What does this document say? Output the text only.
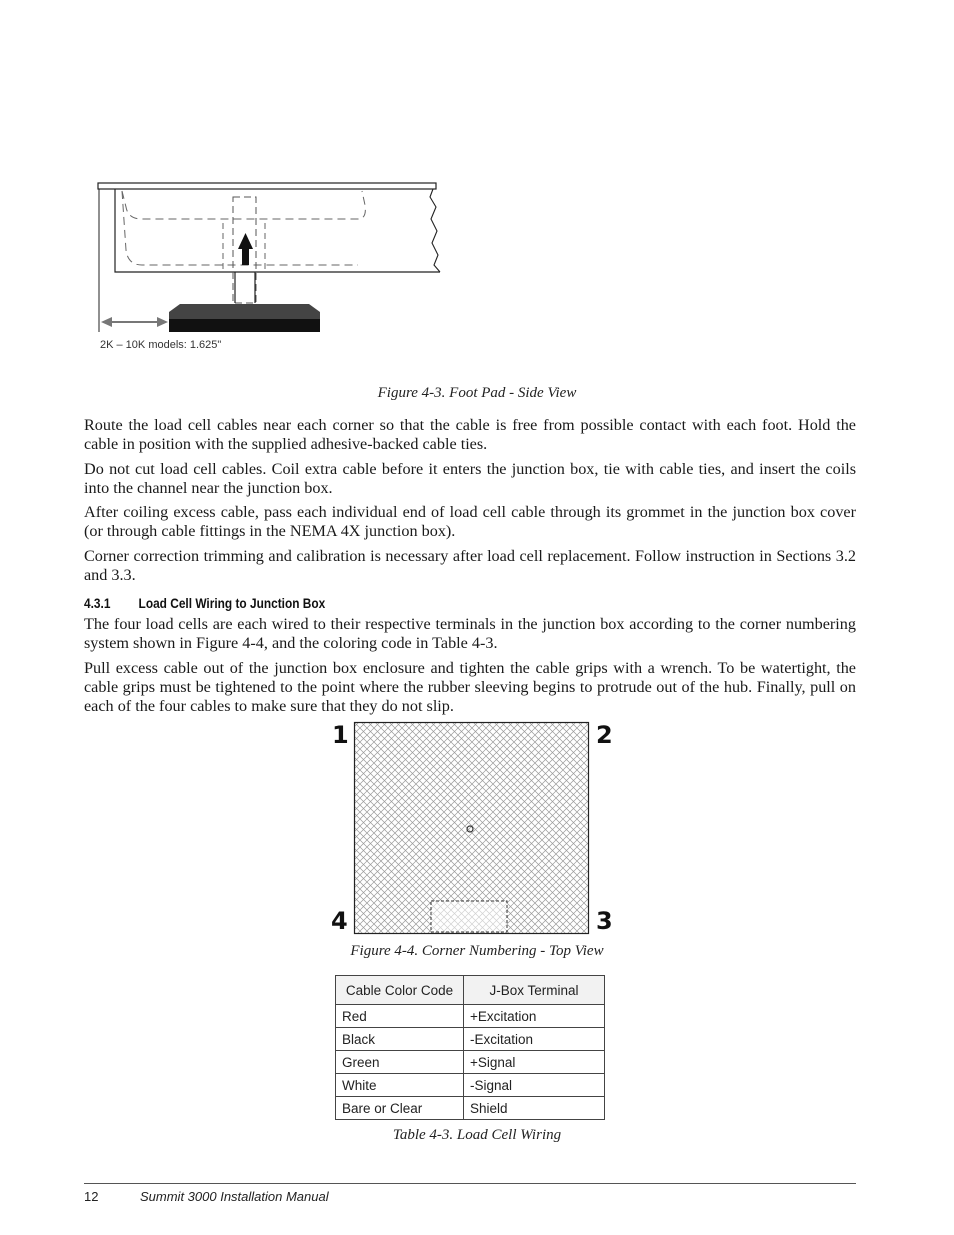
2K – 10K models: 1.625"
Figure 4-3. Foot Pad - Side View

Route the load cell cables near each corner so that the cable is free from possible contact with each foot. Hold the cable in position with the supplied adhesive-backed cable ties.

Do not cut load cell cables. Coil extra cable before it enters the junction box, tie with cable ties, and insert the coils into the channel near the junction box.

After coiling excess cable, pass each individual end of load cell cable through its grommet in the junction box cover (or through cable fittings in the NEMA 4X junction box).

Corner correction trimming and calibration is necessary after load cell replacement. Follow instruction in Sections 3.2 and 3.3.

4.3.1 Load Cell Wiring to Junction Box

The four load cells are each wired to their respective terminals in the junction box according to the corner numbering system shown in Figure 4-4, and the coloring code in Table 4-3.

Pull excess cable out of the junction box enclosure and tighten the cable grips with a wrench. To be watertight, the cable grips must be tightened to the point where the rubber sleeving begins to protrude out of the hub. Finally, pull on each of the four cables to make sure that they do not slip.

1	2
3
4
Figure 4-4. Corner Numbering - Top View
Cable Color Code	J-Box Terminal
Red	+Excitation
Black	-Excitation
Green	+Signal
White	-Signal
Bare or Clear	Shield
Table 4-3. Load Cell Wiring
12	Summit 3000 Installation Manual
